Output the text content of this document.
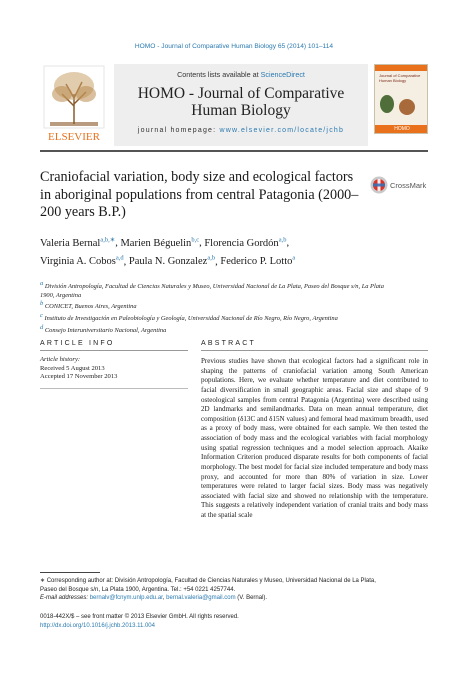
HOMO - Journal of Comparative Human Biology 65 (2014) 101–114
ELSEVIER
Contents lists available at ScienceDirect
HOMO - Journal of Comparative
Human Biology
journal homepage: www.elsevier.com/locate/jchb
Journal of Comparative Human Biology
HOMO
Craniofacial variation, body size and ecological factors in aboriginal populations from central Patagonia (2000–200 years B.P.)
CrossMark
Valeria Bernal$^{a,b,∗}$, Marien Béguelin$^{b,c}$, Florencia Gordón$^{a,b}$,
Virginia A. Cobos$^{a,d}$, Paula N. Gonzalez$^{a,b}$, Federico P. Lotto$^a$

$^a$ División Antropología, Facultad de Ciencias Naturales y Museo, Universidad Nacional de La Plata, Paseo del Bosque s/n, La Plata 1900, Argentina

$^b$ CONICET, Buenos Aires, Argentina

$^c$ Instituto de Investigación en Paleobiología y Geología, Universidad Nacional de Río Negro, Río Negro, Argentina

$^d$ Consejo Interuniversitario Nacional, Argentina

ARTICLE INFO	ABSTRACT
Article history:
Received 5 August 2013
Accepted 17 November 2013
Previous studies have shown that ecological factors had a significant role in shaping the patterns of craniofacial variation among South American populations. Here, we evaluate whether temperature and diet contributed to facial diversification in small geographic areas. Facial size and shape of 9 osteological samples from central Patagonia (Argentina) were described using 2D landmarks and semilandmarks. Data on mean annual temperature, diet composition (δ13C and δ15N values) and femoral head maximum breadth, used as a proxy of body mass, were obtained for each sample. We then tested the association of body mass and the ecological variables with facial morphology using spatial regression techniques and a model selection approach. Akaike Information Criterion produced disparate results for both components of facial morphology. The best model for facial size included temperature and body mass proxy, and accounted for more than 80% of variation in size. Lower temperatures were related to larger facial sizes. Body mass was negatively associated with facial size and showed no relationship with the temperature. This suggests a relatively independent variation of cranial traits and body mass at the spatial scale
∗ Corresponding author at: División Antropología, Facultad de Ciencias Naturales y Museo, Universidad Nacional de La Plata,
Paseo del Bosque s/n, La Plata 1900, Argentina. Tel.: +54 0221 4257744.
E-mail addresses: bernalv@fcnym.unlp.edu.ar, bernal.valeria@gmail.com (V. Bernal).
0018-442X/$ – see front matter © 2013 Elsevier GmbH. All rights reserved.
http://dx.doi.org/10.1016/j.jchb.2013.11.004
